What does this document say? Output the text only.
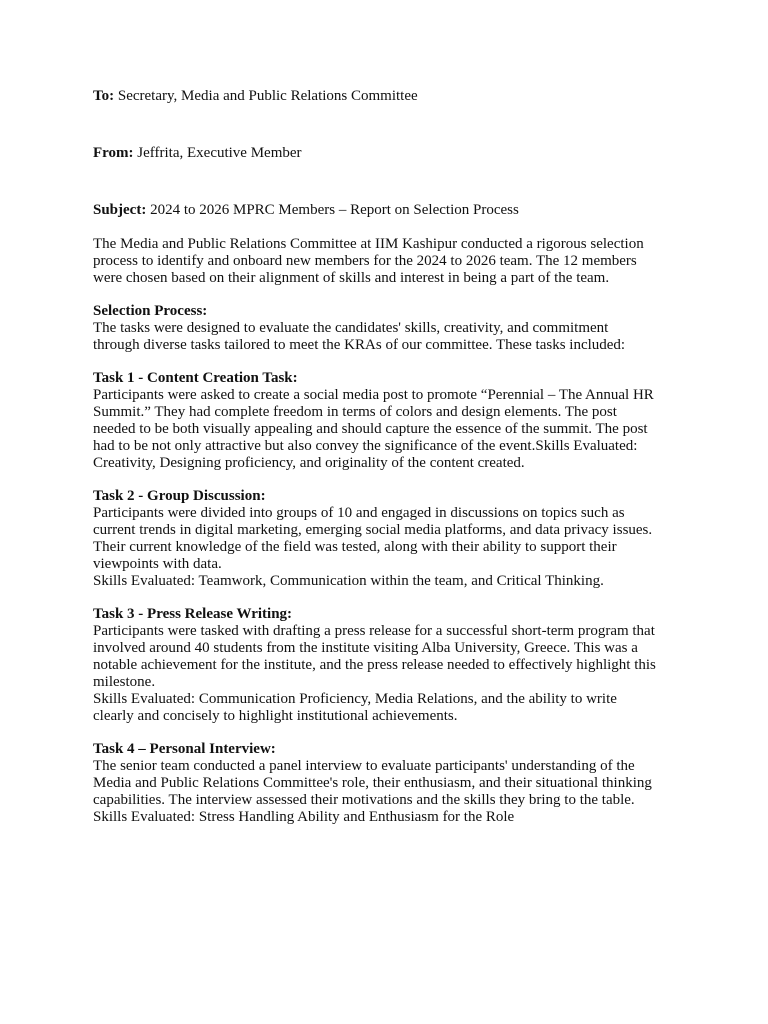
To: Secretary, Media and Public Relations Committee
From: Jeffrita, Executive Member
Subject: 2024 to 2026 MPRC Members – Report on Selection Process
The Media and Public Relations Committee at IIM Kashipur conducted a rigorous selection
process to identify and onboard new members for the 2024 to 2026 team. The 12 members
were chosen based on their alignment of skills and interest in being a part of the team.
Selection Process:
The tasks were designed to evaluate the candidates' skills, creativity, and commitment
through diverse tasks tailored to meet the KRAs of our committee. These tasks included:
Task 1 - Content Creation Task:
Participants were asked to create a social media post to promote “Perennial – The Annual HR
Summit.” They had complete freedom in terms of colors and design elements. The post
needed to be both visually appealing and should capture the essence of the summit. The post
had to be not only attractive but also convey the significance of the event.Skills Evaluated:
Creativity, Designing proficiency, and originality of the content created.
Task 2 - Group Discussion:
Participants were divided into groups of 10 and engaged in discussions on topics such as
current trends in digital marketing, emerging social media platforms, and data privacy issues.
Their current knowledge of the field was tested, along with their ability to support their
viewpoints with data.
Skills Evaluated: Teamwork, Communication within the team, and Critical Thinking.
Task 3 - Press Release Writing:
Participants were tasked with drafting a press release for a successful short-term program that
involved around 40 students from the institute visiting Alba University, Greece. This was a
notable achievement for the institute, and the press release needed to effectively highlight this
milestone.
Skills Evaluated: Communication Proficiency, Media Relations, and the ability to write
clearly and concisely to highlight institutional achievements.
Task 4 – Personal Interview:
The senior team conducted a panel interview to evaluate participants' understanding of the
Media and Public Relations Committee's role, their enthusiasm, and their situational thinking
capabilities. The interview assessed their motivations and the skills they bring to the table.
Skills Evaluated: Stress Handling Ability and Enthusiasm for the Role
